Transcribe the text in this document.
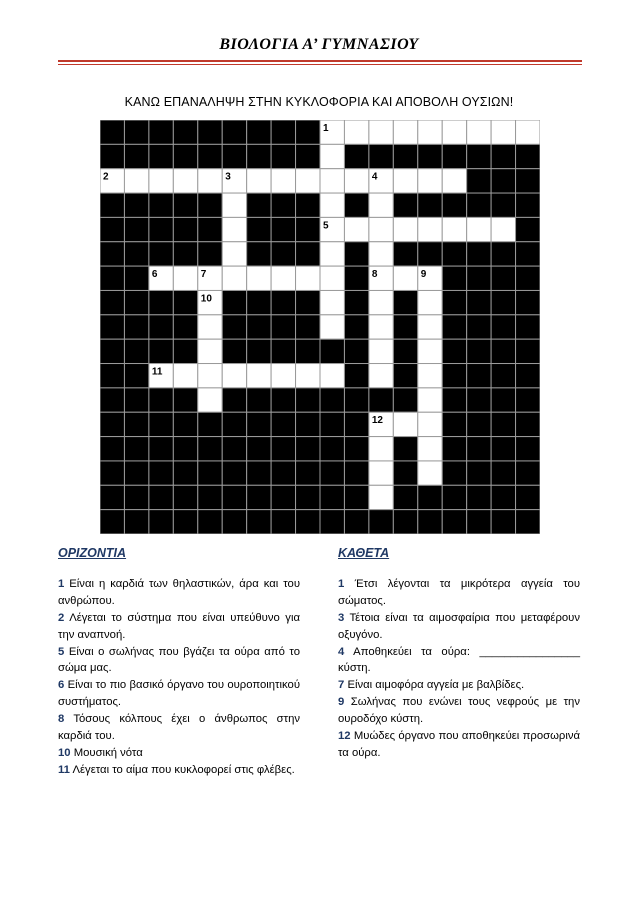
ΒΙΟΛΟΓΙΑ Α’ ΓΥΜΝΑΣΙΟΥ
ΚΑΝΩ ΕΠΑΝΑΛΗΨΗ ΣΤΗΝ ΚΥΚΛΟΦΟΡΙΑ ΚΑΙ ΑΠΟΒΟΛΗ ΟΥΣΙΩΝ!
1
2	3	4
5
6	7	8	9
10
11
12
ΟΡΙΖΟΝΤΙΑ

1 Είναι η καρδιά των θηλαστικών, άρα και του ανθρώπου.

2 Λέγεται το σύστημα που είναι υπεύθυνο για την αναπνοή.

5 Είναι ο σωλήνας που βγάζει τα ούρα από το σώμα μας.

6 Είναι το πιο βασικό όργανο του ουροποιητικού συστήματος.

8 Τόσους κόλπους έχει ο άνθρωπος στην καρδιά του.

10 Μουσική νότα

11 Λέγεται το αίμα που κυκλοφορεί στις φλέβες.

ΚΑΘΕΤΑ

1 Έτσι λέγονται τα μικρότερα αγγεία του σώματος.

3 Τέτοια είναι τα αιμοσφαίρια που μεταφέρουν οξυγόνο.

4 Αποθηκεύει τα ούρα: ________________ κύστη.

7 Είναι αιμοφόρα αγγεία με βαλβίδες.

9 Σωλήνας που ενώνει τους νεφρούς με την ουροδόχο κύστη.

12 Μυώδες όργανο που αποθηκεύει προσωρινά τα ούρα.
